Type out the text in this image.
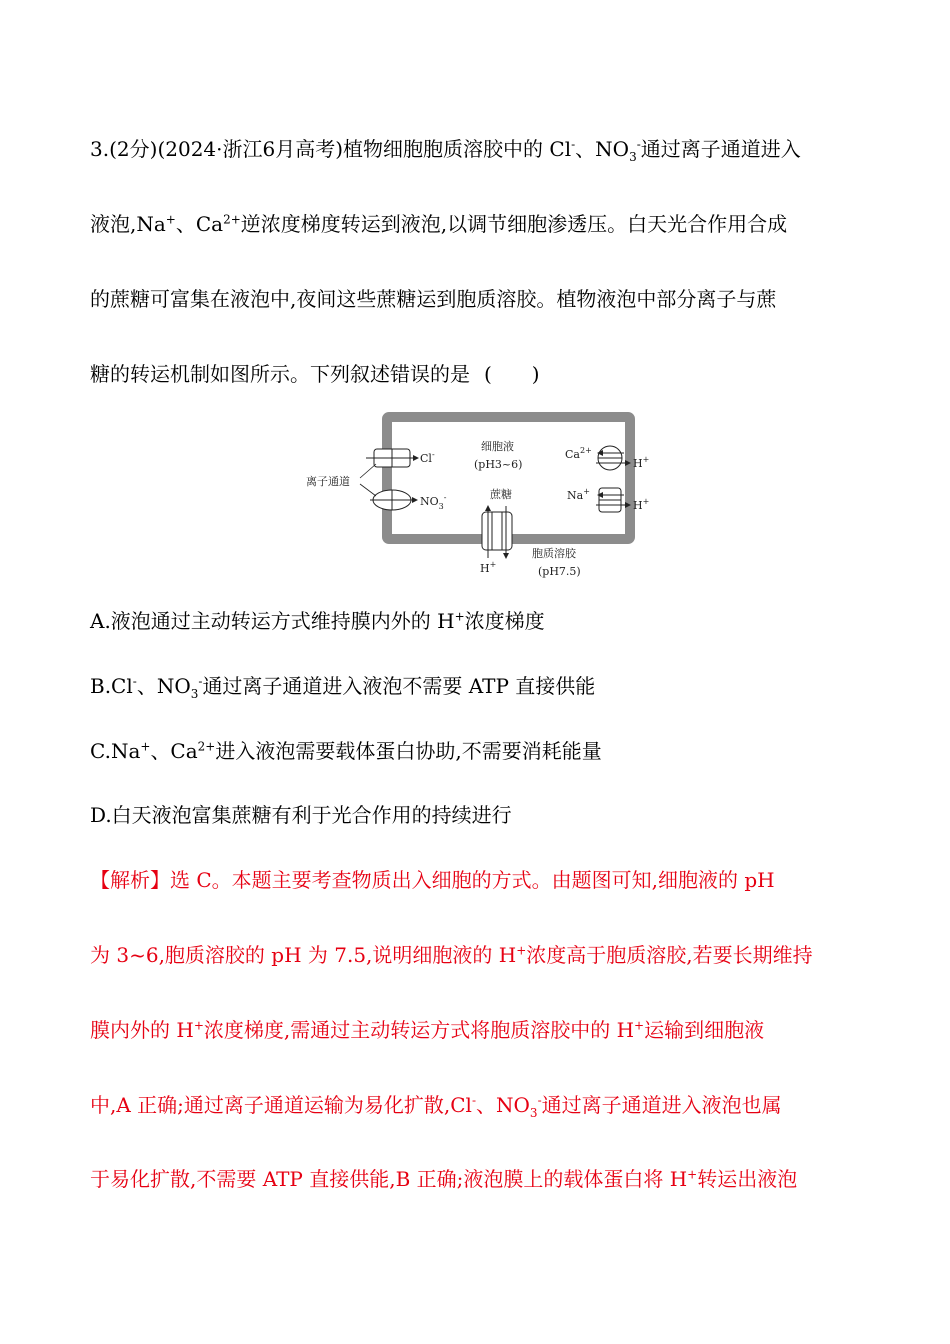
3.(2分)(2024·浙江6月高考)植物细胞胞质溶胶中的 Cl-、$NO_3^-$通过离子通道进入
液泡,Na+、$Ca^{2+}$逆浓度梯度转运到液泡,以调节细胞渗透压。白天光合作用合成
的蔗糖可富集在液泡中,夜间这些蔗糖运到胞质溶胶。植物液泡中部分离子与蔗
糖的转运机制如图所示。下列叙述错误的是 (　　)
Cl-
$NO_3^-$
离子通道
细胞液
(pH3~6)
蔗糖
H+
胞质溶胶
(pH7.5)
$Ca^{2+}$
H+
Na+
H+
A.液泡通过主动转运方式维持膜内外的 H+浓度梯度
B.Cl-、$NO_3^-$通过离子通道进入液泡不需要 ATP 直接供能
C.Na+、$Ca^{2+}$进入液泡需要载体蛋白协助,不需要消耗能量
D.白天液泡富集蔗糖有利于光合作用的持续进行
【解析】选 C。本题主要考查物质出入细胞的方式。由题图可知,细胞液的 pH
为 3~6,胞质溶胶的 pH 为 7.5,说明细胞液的 H+浓度高于胞质溶胶,若要长期维持
膜内外的 H+浓度梯度,需通过主动转运方式将胞质溶胶中的 H+运输到细胞液
中,A 正确;通过离子通道运输为易化扩散,Cl-、$NO_3^-$通过离子通道进入液泡也属
于易化扩散,不需要 ATP 直接供能,B 正确;液泡膜上的载体蛋白将 H+转运出液泡
